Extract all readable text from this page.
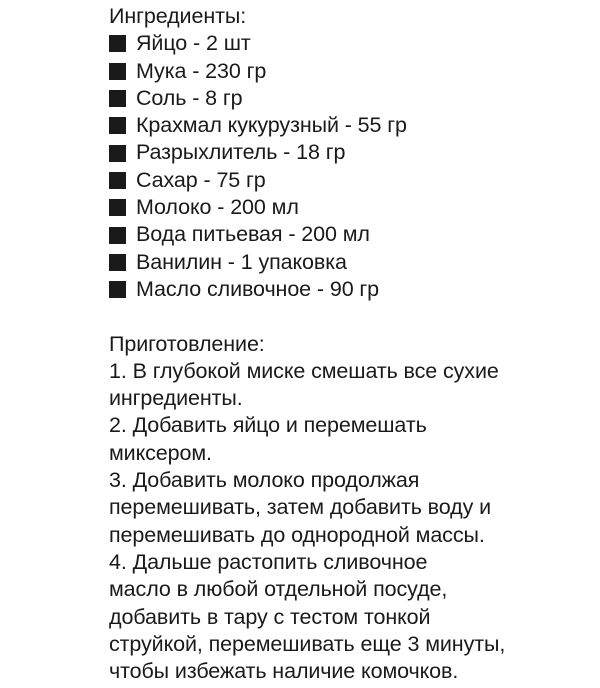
Ингредиенты:
Яйцо - 2 шт
Мука - 230 гр
Соль - 8 гр
Крахмал кукурузный - 55 гр
Разрыхлитель - 18 гр
Сахар - 75 гр
Молоко - 200 мл
Вода питьевая - 200 мл
Ванилин - 1 упаковка
Масло сливочное - 90 гр
Приготовление:
1. В глубокой миске смешать все сухие
ингредиенты.
2. Добавить яйцо и перемешать
миксером.
3. Добавить молоко продолжая
перемешивать, затем добавить воду и
перемешивать до однородной массы.
4. Дальше растопить сливочное
масло в любой отдельной посуде,
добавить в тару с тестом тонкой
струйкой, перемешивать еще 3 минуты,
чтобы избежать наличие комочков.
